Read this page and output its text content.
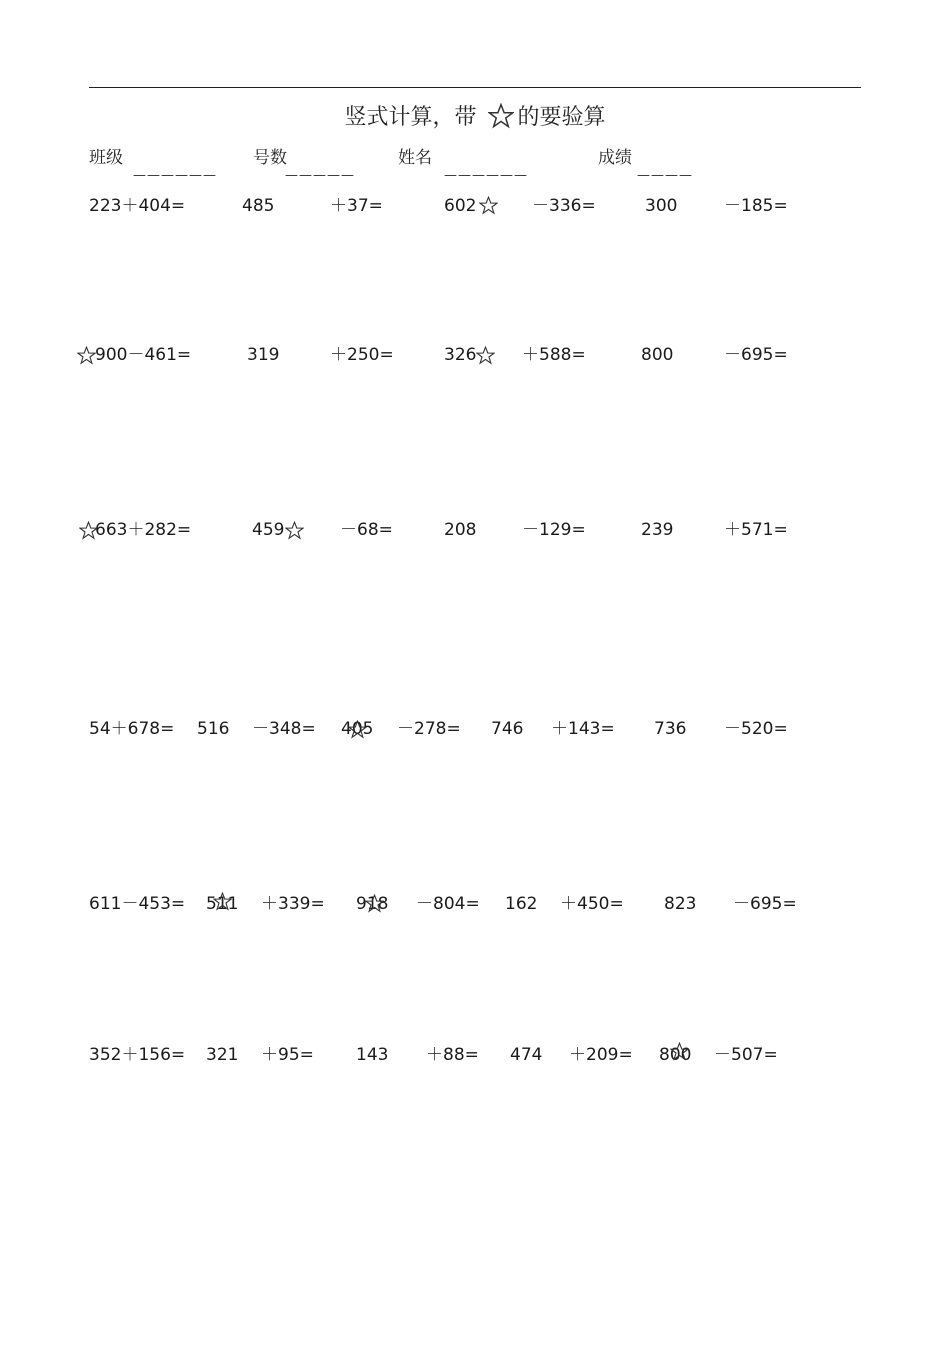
竖式计算，带 的要验算
班级	号数	姓名	成绩
——————	—————	——————	————
223＋404=	485	＋37=	602	－336=	300	－185=
900－461=	319	＋250=	326	＋588=	800	－695=
663＋282=	459	－68=	208	－129=	239	＋571=
54＋678= 516 －348= 405 －278= 746 ＋143= 736 －520=
611－453= 511 ＋339= 918 －804= 162 ＋450= 823 －695=
352＋156= 321 ＋95= 143 ＋88= 474 ＋209= 800 －507=
